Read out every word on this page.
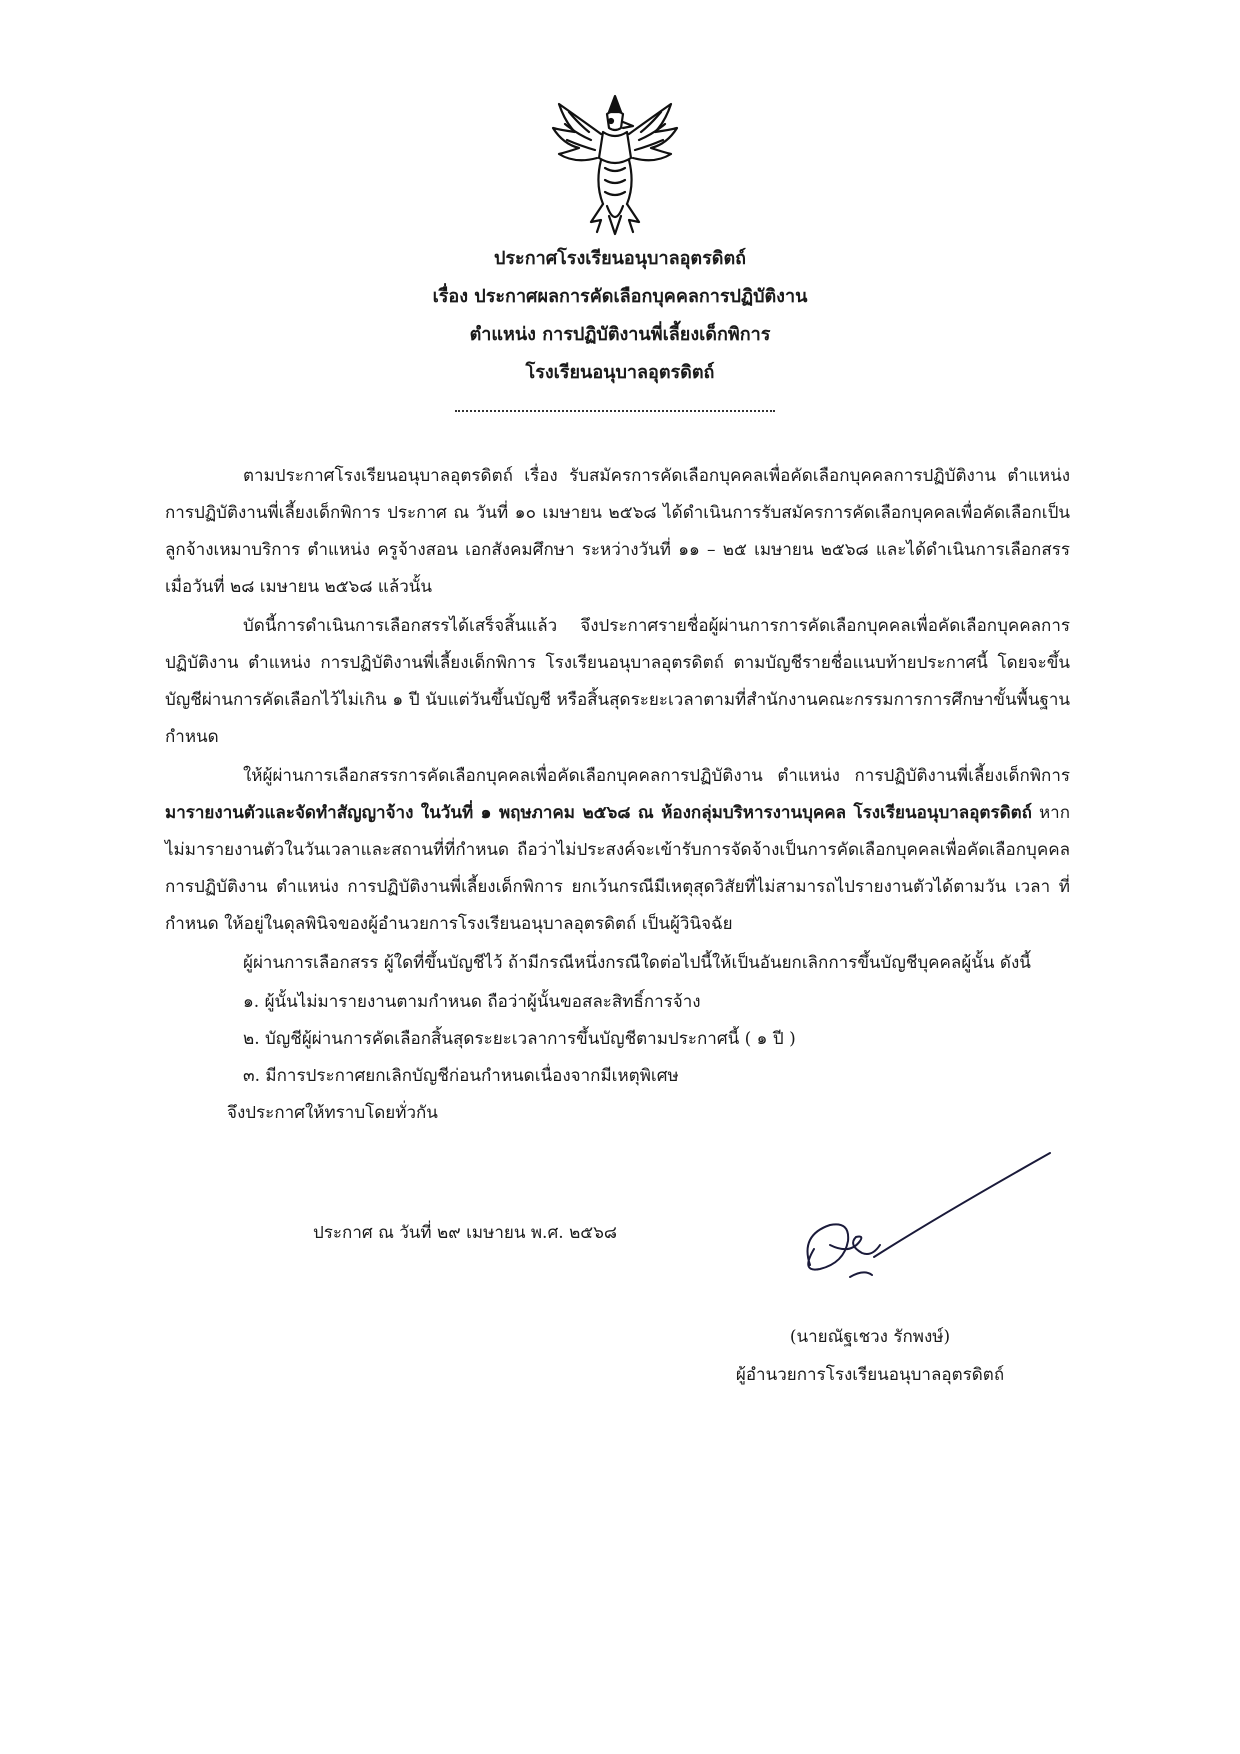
ประกาศโรงเรียนอนุบาลอุตรดิตถ์
เรื่อง ประกาศผลการคัดเลือกบุคคลการปฏิบัติงาน
ตำแหน่ง การปฏิบัติงานพี่เลี้ยงเด็กพิการ
โรงเรียนอนุบาลอุตรดิตถ์

ตามประกาศโรงเรียนอนุบาลอุตรดิตถ์ เรื่อง รับสมัครการคัดเลือกบุคคลเพื่อคัดเลือกบุคคลการปฏิบัติงาน ตำแหน่ง การปฏิบัติงานพี่เลี้ยงเด็กพิการ ประกาศ ณ วันที่ ๑๐ เมษายน ๒๕๖๘ ได้ดำเนินการรับสมัครการคัดเลือกบุคคลเพื่อคัดเลือกเป็นลูกจ้างเหมาบริการ ตำแหน่ง ครูจ้างสอน เอกสังคมศึกษา ระหว่างวันที่ ๑๑ – ๒๕ เมษายน ๒๕๖๘ และได้ดำเนินการเลือกสรร เมื่อวันที่ ๒๘ เมษายน ๒๕๖๘ แล้วนั้น

บัดนี้การดำเนินการเลือกสรรได้เสร็จสิ้นแล้ว จึงประกาศรายชื่อผู้ผ่านการการคัดเลือกบุคคลเพื่อคัดเลือกบุคคลการปฏิบัติงาน ตำแหน่ง การปฏิบัติงานพี่เลี้ยงเด็กพิการ โรงเรียนอนุบาลอุตรดิตถ์ ตามบัญชีรายชื่อแนบท้ายประกาศนี้ โดยจะขึ้นบัญชีผ่านการคัดเลือกไว้ไม่เกิน ๑ ปี นับแต่วันขึ้นบัญชี หรือสิ้นสุดระยะเวลาตามที่สำนักงานคณะกรรมการการศึกษาขั้นพื้นฐานกำหนด

ให้ผู้ผ่านการเลือกสรรการคัดเลือกบุคคลเพื่อคัดเลือกบุคคลการปฏิบัติงาน ตำแหน่ง การปฏิบัติงานพี่เลี้ยงเด็กพิการ มารายงานตัวและจัดทำสัญญาจ้าง ในวันที่ ๑ พฤษภาคม ๒๕๖๘ ณ ห้องกลุ่มบริหารงานบุคคล โรงเรียนอนุบาลอุตรดิตถ์ หากไม่มารายงานตัวในวันเวลาและสถานที่ที่กำหนด ถือว่าไม่ประสงค์จะเข้ารับการจัดจ้างเป็นการคัดเลือกบุคคลเพื่อคัดเลือกบุคคลการปฏิบัติงาน ตำแหน่ง การปฏิบัติงานพี่เลี้ยงเด็กพิการ ยกเว้นกรณีมีเหตุสุดวิสัยที่ไม่สามารถไปรายงานตัวได้ตามวัน เวลา ที่กำหนด ให้อยู่ในดุลพินิจของผู้อำนวยการโรงเรียนอนุบาลอุตรดิตถ์ เป็นผู้วินิจฉัย

ผู้ผ่านการเลือกสรร ผู้ใดที่ขึ้นบัญชีไว้ ถ้ามีกรณีหนึ่งกรณีใดต่อไปนี้ให้เป็นอันยกเลิกการขึ้นบัญชีบุคคลผู้นั้น ดังนี้

๑. ผู้นั้นไม่มารายงานตามกำหนด ถือว่าผู้นั้นขอสละสิทธิ์การจ้าง
๒. บัญชีผู้ผ่านการคัดเลือกสิ้นสุดระยะเวลาการขึ้นบัญชีตามประกาศนี้ ( ๑ ปี )
๓. มีการประกาศยกเลิกบัญชีก่อนกำหนดเนื่องจากมีเหตุพิเศษ
จึงประกาศให้ทราบโดยทั่วกัน
ประกาศ ณ วันที่ ๒๙ เมษายน พ.ศ. ๒๕๖๘
(นายณัฐเชวง รักพงษ์)
ผู้อำนวยการโรงเรียนอนุบาลอุตรดิตถ์
